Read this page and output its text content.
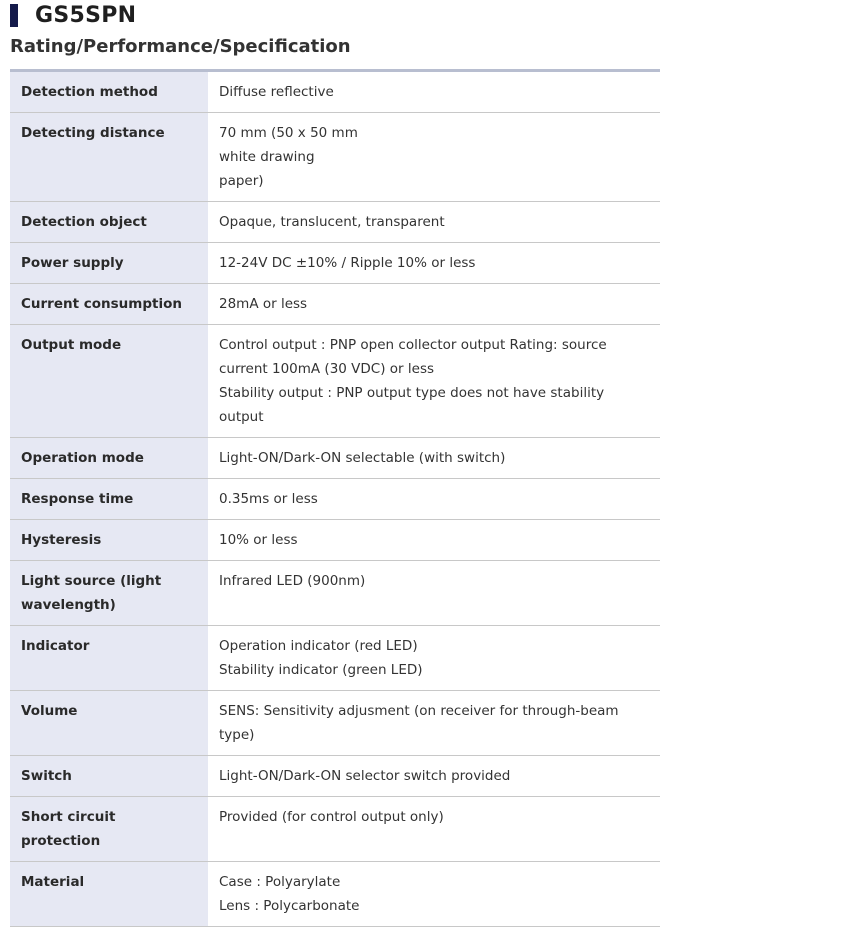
GS5SPN
Rating/Performance/Specification
Detection method	Diffuse reflective

Detecting distance	70 mm (50 x 50 mm
white drawing
paper)

Detection object	Opaque, translucent, transparent

Power supply	12-24V DC ±10% / Ripple 10% or less

Current consumption	28mA or less

Output mode	Control output : PNP open collector output Rating: source current 100mA (30 VDC) or less
Stability output : PNP output type does not have stability output

Operation mode	Light-ON/Dark-ON selectable (with switch)

Response time	0.35ms or less

Hysteresis	10% or less

Light source (light wavelength)	Infrared LED (900nm)

Indicator	Operation indicator (red LED)
Stability indicator (green LED)

Volume	SENS: Sensitivity adjusment (on receiver for through-beam type)

Switch	Light-ON/Dark-ON selector switch provided

Short circuit protection	Provided (for control output only)

Material	Case : Polyarylate
Lens : Polycarbonate
